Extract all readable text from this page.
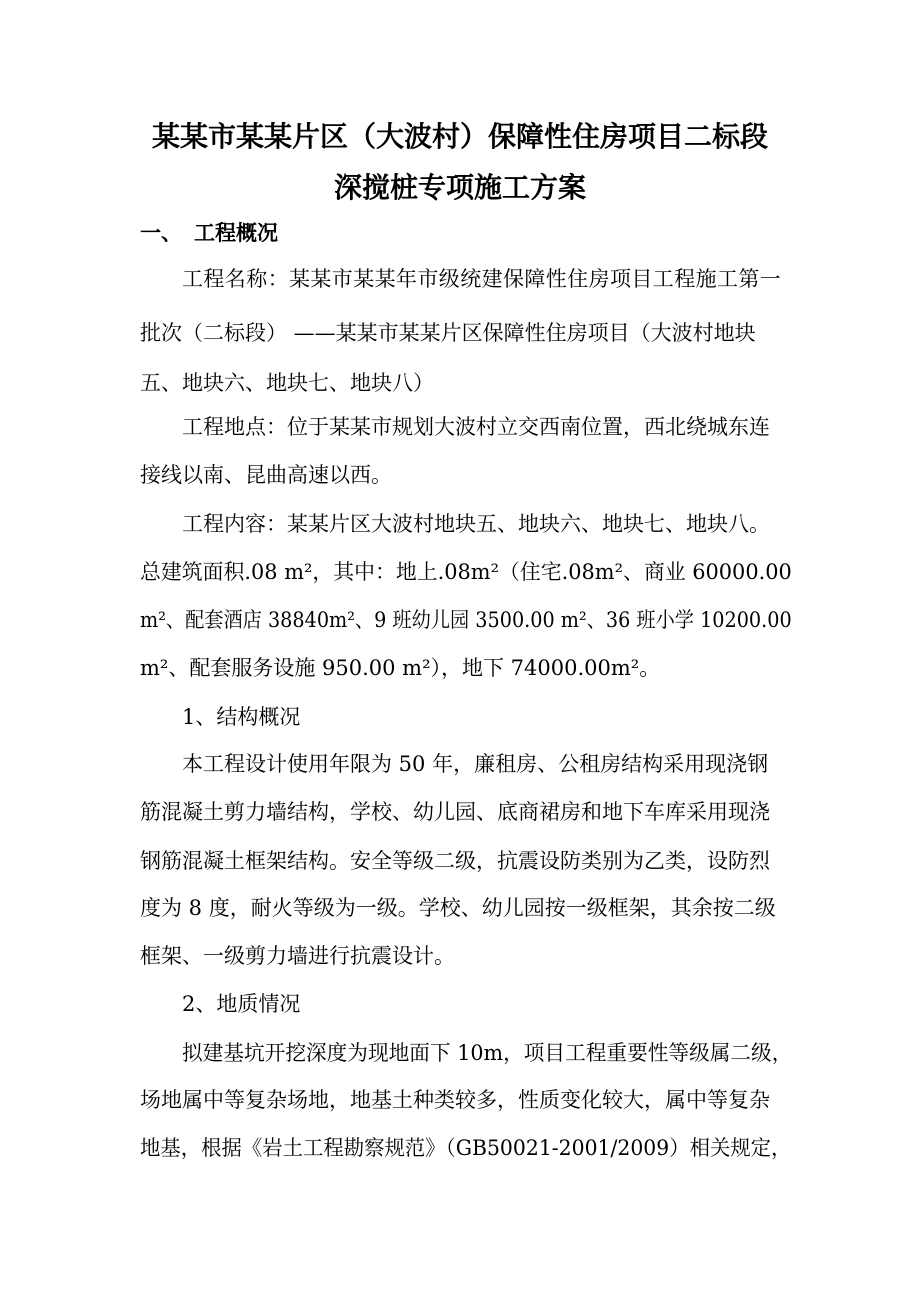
某某市某某片区（大波村）保障性住房项目二标段
深搅桩专项施工方案
一、 工程概况
工程名称：某某市某某年市级统建保障性住房项目工程施工第一
批次（二标段） ——某某市某某片区保障性住房项目（大波村地块
五、地块六、地块七、地块八）
工程地点：位于某某市规划大波村立交西南位置，西北绕城东连
接线以南、昆曲高速以西。
工程内容：某某片区大波村地块五、地块六、地块七、地块八。
总建筑面积.08 m²，其中：地上.08m²（住宅.08m²、商业 60000.00
m²、配套酒店 38840m²、9 班幼儿园 3500.00 m²、36 班小学 10200.00
m²、配套服务设施 950.00 m²），地下 74000.00m²。
1、结构概况
本工程设计使用年限为 50 年，廉租房、公租房结构采用现浇钢
筋混凝土剪力墙结构，学校、幼儿园、底商裙房和地下车库采用现浇
钢筋混凝土框架结构。安全等级二级，抗震设防类别为乙类，设防烈
度为 8 度，耐火等级为一级。学校、幼儿园按一级框架，其余按二级
框架、一级剪力墙进行抗震设计。
2、地质情况
拟建基坑开挖深度为现地面下 10m，项目工程重要性等级属二级，
场地属中等复杂场地，地基土种类较多，性质变化较大，属中等复杂
地基，根据《岩土工程勘察规范》（GB50021-2001/2009）相关规定，
